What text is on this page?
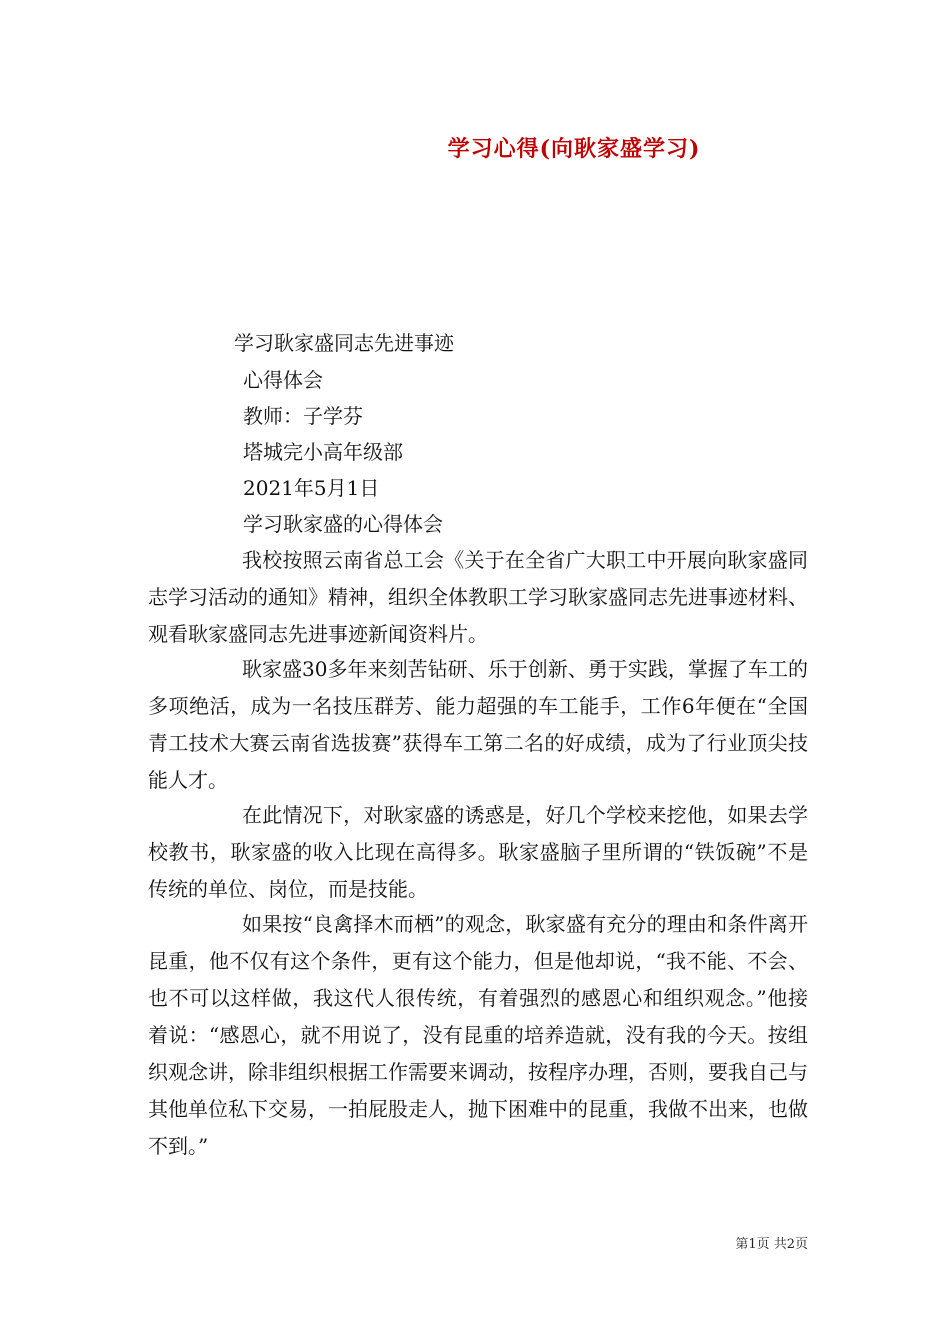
学习心得(向耿家盛学习)
学习耿家盛同志先进事迹
心得体会
教师：子学芬
塔城完小高年级部
2021年5月1日
学习耿家盛的心得体会

我校按照云南省总工会《关于在全省广大职工中开展向耿家盛同志学习活动的通知》精神，组织全体教职工学习耿家盛同志先进事迹材料、观看耿家盛同志先进事迹新闻资料片。

耿家盛30多年来刻苦钻研、乐于创新、勇于实践，掌握了车工的多项绝活，成为一名技压群芳、能力超强的车工能手，工作6年便在“全国青工技术大赛云南省选拔赛”获得车工第二名的好成绩，成为了行业顶尖技能人才。

在此情况下，对耿家盛的诱惑是，好几个学校来挖他，如果去学校教书，耿家盛的收入比现在高得多。耿家盛脑子里所谓的“铁饭碗”不是传统的单位、岗位，而是技能。

如果按“良禽择木而栖”的观念，耿家盛有充分的理由和条件离开昆重，他不仅有这个条件，更有这个能力，但是他却说，“我不能、不会、也不可以这样做，我这代人很传统，有着强烈的感恩心和组织观念。”他接着说：“感恩心，就不用说了，没有昆重的培养造就，没有我的今天。按组织观念讲，除非组织根据工作需要来调动，按程序办理，否则，要我自己与其他单位私下交易，一拍屁股走人，抛下困难中的昆重，我做不出来，也做不到。”

第1页 共2页
